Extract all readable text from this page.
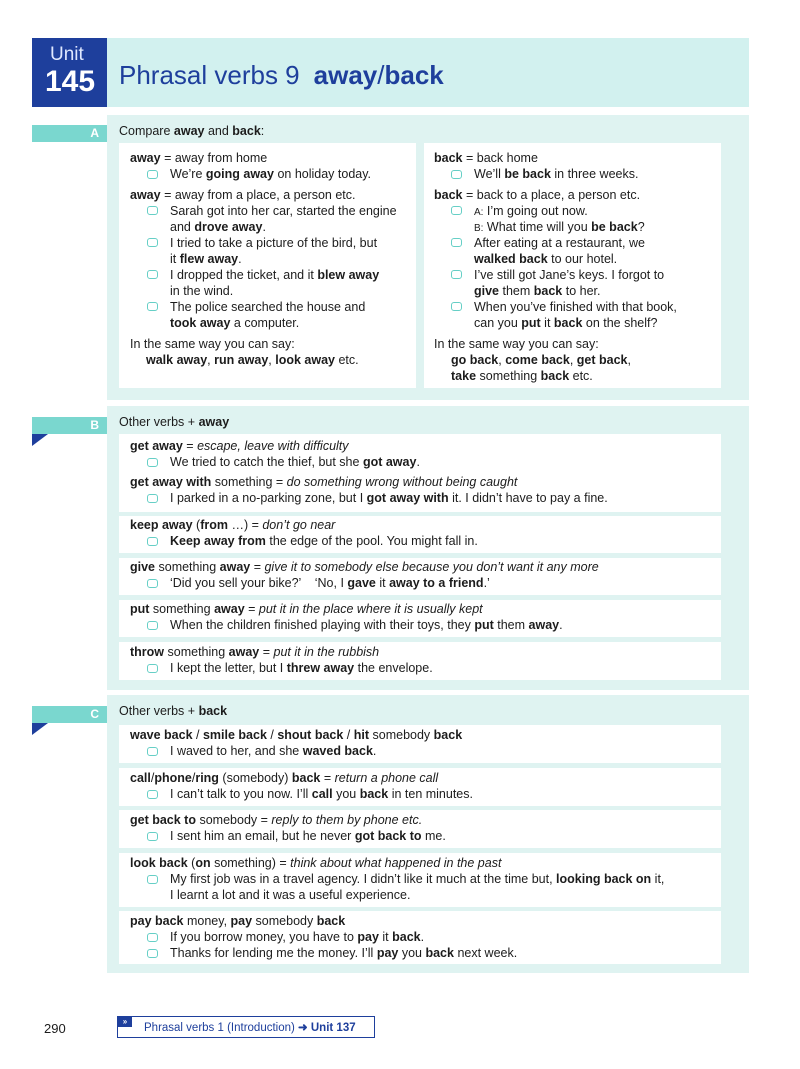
Unit
145 Phrasal verbs 9 away/back
A Compare away and back:
away = away from home
We’re going away on holiday today.
away = away from a place, a person etc.
Sarah got into her car, started the engine
and drove away.
I tried to take a picture of the bird, but
it flew away.
I dropped the ticket, and it blew away
in the wind.
The police searched the house and
took away a computer.
In the same way you can say:
walk away, run away, look away etc.
back = back home
We’ll be back in three weeks.
back = back to a place, a person etc.
A: I’m going out now.
B: What time will you be back?
After eating at a restaurant, we
walked back to our hotel.
I’ve still got Jane’s keys. I forgot to
give them back to her.
When you’ve finished with that book,
can you put it back on the shelf?
In the same way you can say:
go back, come back, get back,
take something back etc.
B Other verbs + away
get away = escape, leave with difficulty
We tried to catch the thief, but she got away.
get away with something = do something wrong without being caught
I parked in a no-parking zone, but I got away with it. I didn’t have to pay a fine.
keep away (from …) = don’t go near
Keep away from the edge of the pool. You might fall in.
give something away = give it to somebody else because you don’t want it any more
‘Did you sell your bike?’    ‘No, I gave it away to a friend.’
put something away = put it in the place where it is usually kept
When the children finished playing with their toys, they put them away.
throw something away = put it in the rubbish
I kept the letter, but I threw away the envelope.
C Other verbs + back
wave back / smile back / shout back / hit somebody back
I waved to her, and she waved back.
call/phone/ring (somebody) back = return a phone call
I can’t talk to you now. I’ll call you back in ten minutes.
get back to somebody = reply to them by phone etc.
I sent him an email, but he never got back to me.
look back (on something) = think about what happened in the past
My first job was in a travel agency. I didn’t like it much at the time but, looking back on it,
I learnt a lot and it was a useful experience.
pay back money, pay somebody back
If you borrow money, you have to pay it back.
Thanks for lending me the money. I’ll pay you back next week.
290	»
Phrasal verbs 1 (Introduction) ➜ Unit 137
